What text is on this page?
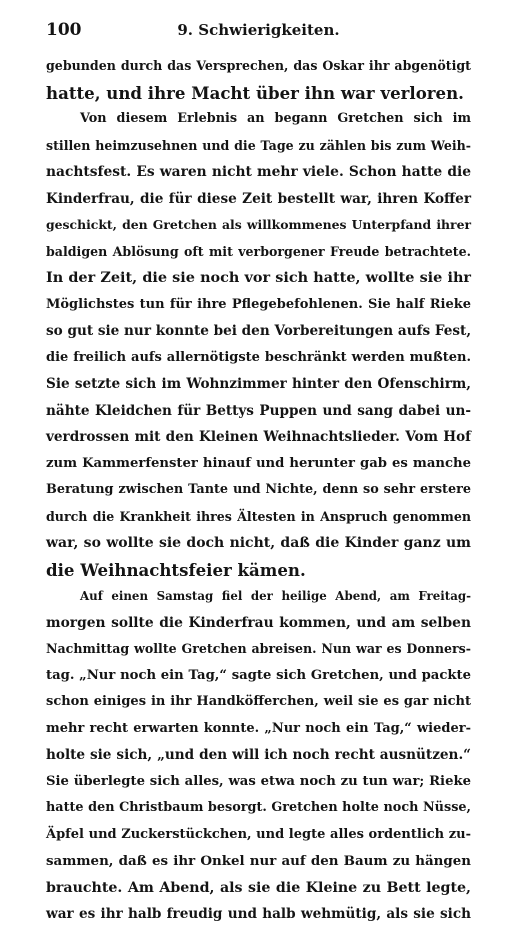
100	9. Schwierigkeiten.
gebunden durch das Versprechen, das Oskar ihr abgenötigt
hatte, und ihre Macht über ihn war verloren.
Von diesem Erlebnis an begann Gretchen sich im
stillen heimzusehnen und die Tage zu zählen bis zum Weih-
nachtsfest. Es waren nicht mehr viele. Schon hatte die
Kinderfrau, die für diese Zeit bestellt war, ihren Koffer
geschickt, den Gretchen als willkommenes Unterpfand ihrer
baldigen Ablösung oft mit verborgener Freude betrachtete.
In der Zeit, die sie noch vor sich hatte, wollte sie ihr
Möglichstes tun für ihre Pflegebefohlenen. Sie half Rieke
so gut sie nur konnte bei den Vorbereitungen aufs Fest,
die freilich aufs allernötigste beschränkt werden mußten.
Sie setzte sich im Wohnzimmer hinter den Ofenschirm,
nähte Kleidchen für Bettys Puppen und sang dabei un-
verdrossen mit den Kleinen Weihnachtslieder. Vom Hof
zum Kammerfenster hinauf und herunter gab es manche
Beratung zwischen Tante und Nichte, denn so sehr erstere
durch die Krankheit ihres Ältesten in Anspruch genommen
war, so wollte sie doch nicht, daß die Kinder ganz um
die Weihnachtsfeier kämen.
Auf einen Samstag fiel der heilige Abend, am Freitag-
morgen sollte die Kinderfrau kommen, und am selben
Nachmittag wollte Gretchen abreisen. Nun war es Donners-
tag. „Nur noch ein Tag,“ sagte sich Gretchen, und packte
schon einiges in ihr Handköfferchen, weil sie es gar nicht
mehr recht erwarten konnte. „Nur noch ein Tag,“ wieder-
holte sie sich, „und den will ich noch recht ausnützen.“
Sie überlegte sich alles, was etwa noch zu tun war; Rieke
hatte den Christbaum besorgt. Gretchen holte noch Nüsse,
Äpfel und Zuckerstückchen, und legte alles ordentlich zu-
sammen, daß es ihr Onkel nur auf den Baum zu hängen
brauchte. Am Abend, als sie die Kleine zu Bett legte,
war es ihr halb freudig und halb wehmütig, als sie sich
